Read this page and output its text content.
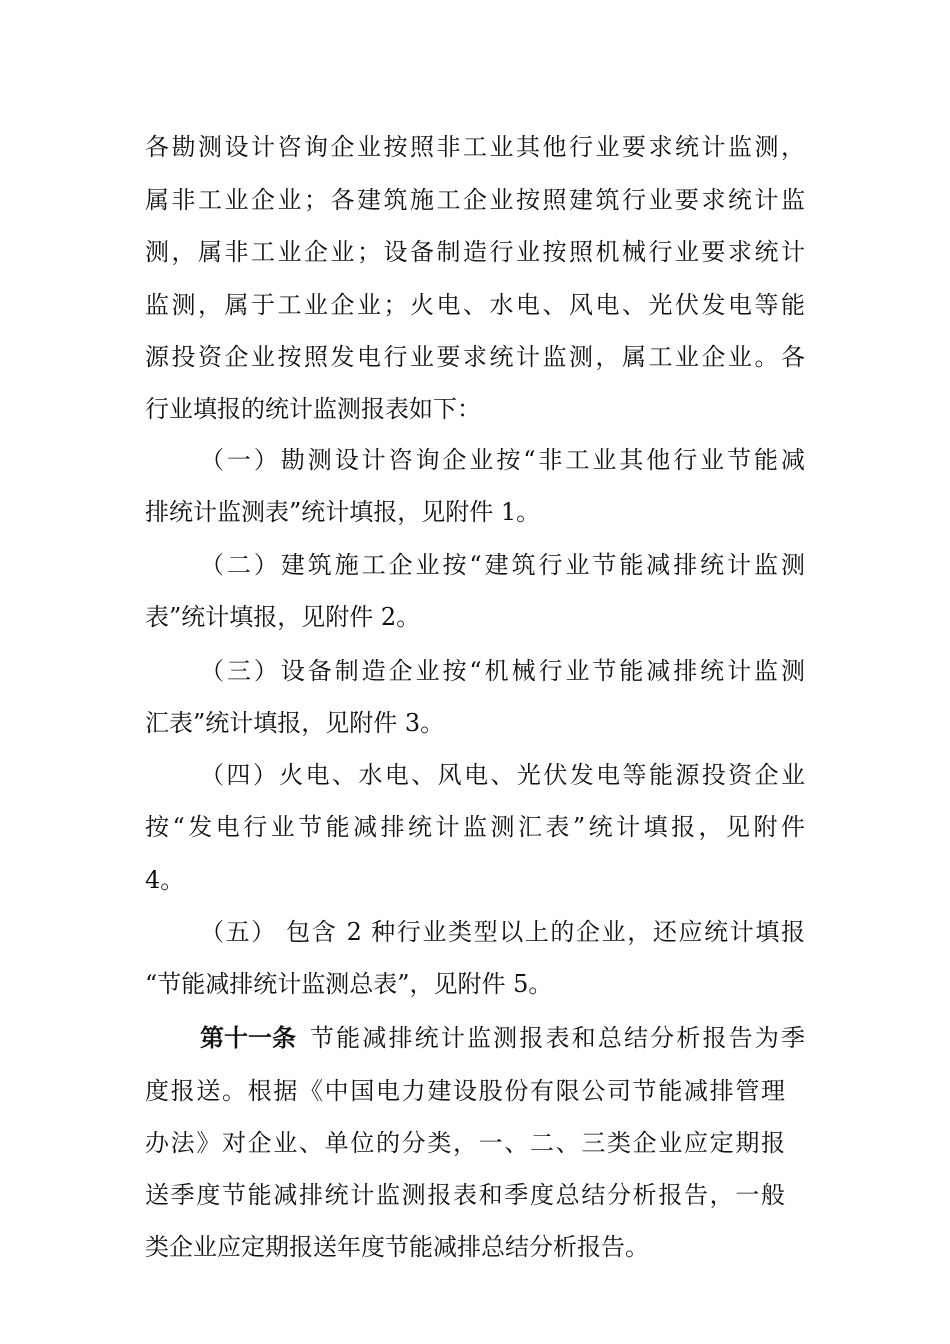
各勘测设计咨询企业按照非工业其他行业要求统计监测，
属非工业企业；各建筑施工企业按照建筑行业要求统计监
测，属非工业企业；设备制造行业按照机械行业要求统计
监测，属于工业企业；火电、水电、风电、光伏发电等能
源投资企业按照发电行业要求统计监测，属工业企业。各
行业填报的统计监测报表如下：
（一）勘测设计咨询企业按“非工业其他行业节能减
排统计监测表”统计填报，见附件 1。
（二）建筑施工企业按“建筑行业节能减排统计监测
表”统计填报，见附件 2。
（三）设备制造企业按“机械行业节能减排统计监测
汇表”统计填报，见附件 3。
（四）火电、水电、风电、光伏发电等能源投资企业
按“发电行业节能减排统计监测汇表”统计填报，见附件
4。
（五） 包含 2 种行业类型以上的企业，还应统计填报
“节能减排统计监测总表”，见附件 5。
第十一条 节能减排统计监测报表和总结分析报告为季
度报送。根据《中国电力建设股份有限公司节能减排管理
办法》对企业、单位的分类，一、二、三类企业应定期报
送季度节能减排统计监测报表和季度总结分析报告，一般
类企业应定期报送年度节能减排总结分析报告。
